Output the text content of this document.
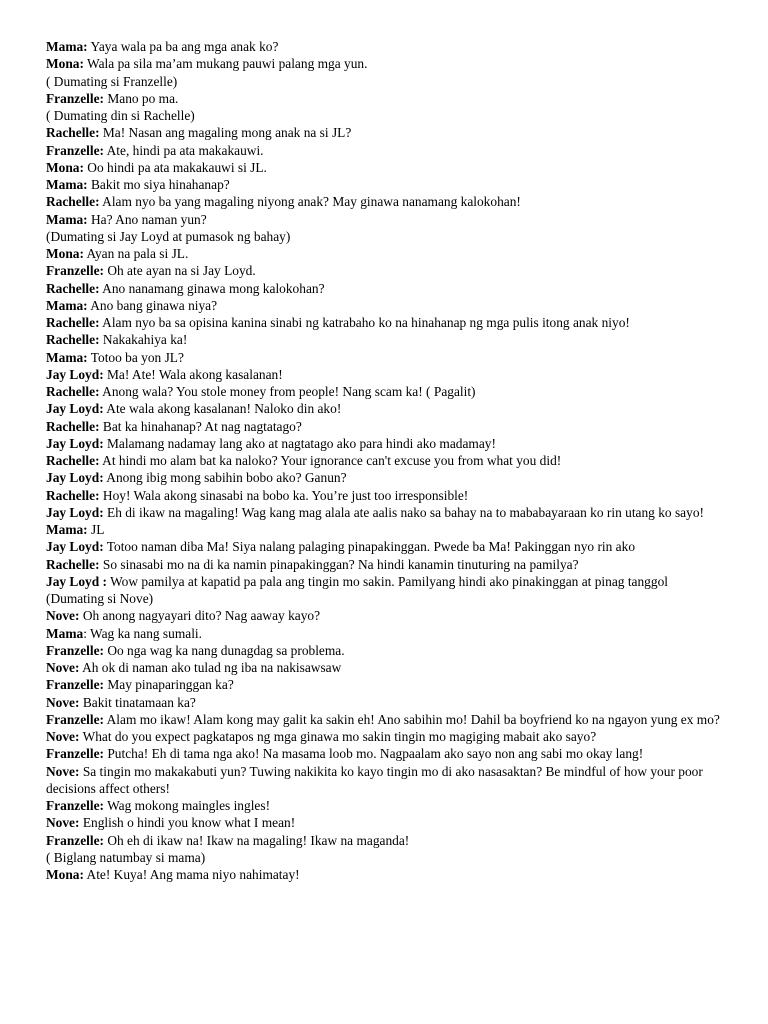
Mama: Yaya wala pa ba ang mga anak ko?

Mona: Wala pa sila ma’am mukang pauwi palang mga yun.

( Dumating si Franzelle)

Franzelle: Mano po ma.

( Dumating din si Rachelle)

Rachelle: Ma! Nasan ang magaling mong anak na si JL?

Franzelle: Ate, hindi pa ata makakauwi.

Mona: Oo hindi pa ata makakauwi si JL.

Mama: Bakit mo siya hinahanap?

Rachelle: Alam nyo ba yang magaling niyong anak? May ginawa nanamang kalokohan!

Mama: Ha? Ano naman yun?

(Dumating si Jay Loyd at pumasok ng bahay)

Mona: Ayan na pala si JL.

Franzelle: Oh ate ayan na si Jay Loyd.

Rachelle: Ano nanamang ginawa mong kalokohan?

Mama: Ano bang ginawa niya?

Rachelle: Alam nyo ba sa opisina kanina sinabi ng katrabaho ko na hinahanap ng mga pulis itong anak niyo!

Rachelle: Nakakahiya ka!

Mama: Totoo ba yon JL?

Jay Loyd: Ma! Ate! Wala akong kasalanan!

Rachelle: Anong wala? You stole money from people! Nang scam ka! ( Pagalit)

Jay Loyd: Ate wala akong kasalanan! Naloko din ako!

Rachelle: Bat ka hinahanap? At nag nagtatago?

Jay Loyd: Malamang nadamay lang ako at nagtatago ako para hindi ako madamay!

Rachelle: At hindi mo alam bat ka naloko? Your ignorance can't excuse you from what you did!

Jay Loyd: Anong ibig mong sabihin bobo ako? Ganun?

Rachelle: Hoy! Wala akong sinasabi na bobo ka. You’re just too irresponsible!

Jay Loyd: Eh di ikaw na magaling! Wag kang mag alala ate aalis nako sa bahay na to mababayaraan ko rin utang ko sayo!

Mama: JL

Jay Loyd: Totoo naman diba Ma! Siya nalang palaging pinapakinggan. Pwede ba Ma! Pakinggan nyo rin ako

Rachelle: So sinasabi mo na di ka namin pinapakinggan? Na hindi kanamin tinuturing na pamilya?

Jay Loyd : Wow pamilya at kapatid pa pala ang tingin mo sakin. Pamilyang hindi ako pinakinggan at pinag tanggol

(Dumating si Nove)

Nove: Oh anong nagyayari dito? Nag aaway kayo?

Mama: Wag ka nang sumali.

Franzelle: Oo nga wag ka nang dunagdag sa problema.

Nove: Ah ok di naman ako tulad ng iba na nakisawsaw

Franzelle: May pinaparinggan ka?

Nove: Bakit tinatamaan ka?

Franzelle: Alam mo ikaw! Alam kong may galit ka sakin eh! Ano sabihin mo! Dahil ba boyfriend ko na ngayon yung ex mo?

Nove: What do you expect pagkatapos ng mga ginawa mo sakin tingin mo magiging mabait ako sayo?

Franzelle: Putcha! Eh di tama nga ako! Na masama loob mo. Nagpaalam ako sayo non ang sabi mo okay lang!

Nove: Sa tingin mo makakabuti yun? Tuwing nakikita ko kayo tingin mo di ako nasasaktan? Be mindful of how your poor decisions affect others!

Franzelle: Wag mokong maingles ingles!

Nove: English o hindi you know what I mean!

Franzelle: Oh eh di ikaw na! Ikaw na magaling! Ikaw na maganda!

( Biglang natumbay si mama)

Mona: Ate! Kuya! Ang mama niyo nahimatay!
